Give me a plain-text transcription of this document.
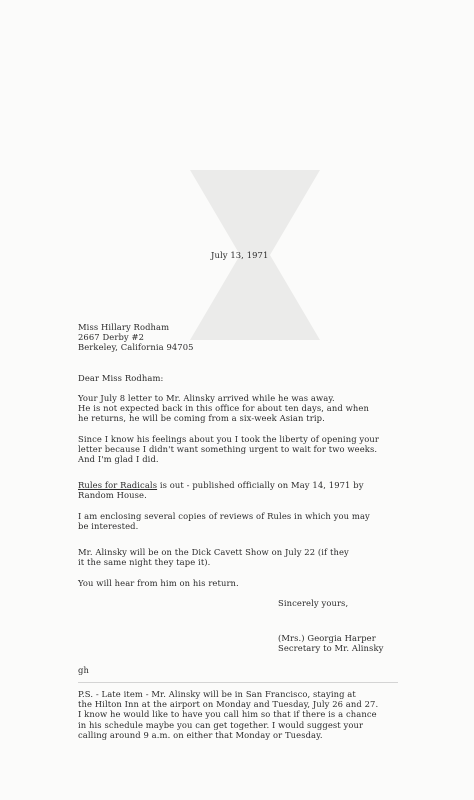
July 13, 1971
Miss Hillary Rodham
2667 Derby #2
Berkeley, California 94705
Dear Miss Rodham:
Your July 8 letter to Mr. Alinsky arrived while he was away.
He is not expected back in this office for about ten days, and when
he returns, he will be coming from a six-week Asian trip.
Since I know his feelings about you I took the liberty of opening your
letter because I didn't want something urgent to wait for two weeks.
And I'm glad I did.
Rules for Radicals is out - published officially on May 14, 1971 by
Random House.
I am enclosing several copies of reviews of Rules in which you may
be interested.
Mr. Alinsky will be on the Dick Cavett Show on July 22 (if they
it the same night they tape it).
You will hear from him on his return.
Sincerely yours,
(Mrs.) Georgia Harper
Secretary to Mr. Alinsky
gh
P.S. - Late item - Mr. Alinsky will be in San Francisco, staying at
the Hilton Inn at the airport on Monday and Tuesday, July 26 and 27.
I know he would like to have you call him so that if there is a chance
in his schedule maybe you can get together. I would suggest your
calling around 9 a.m. on either that Monday or Tuesday.
